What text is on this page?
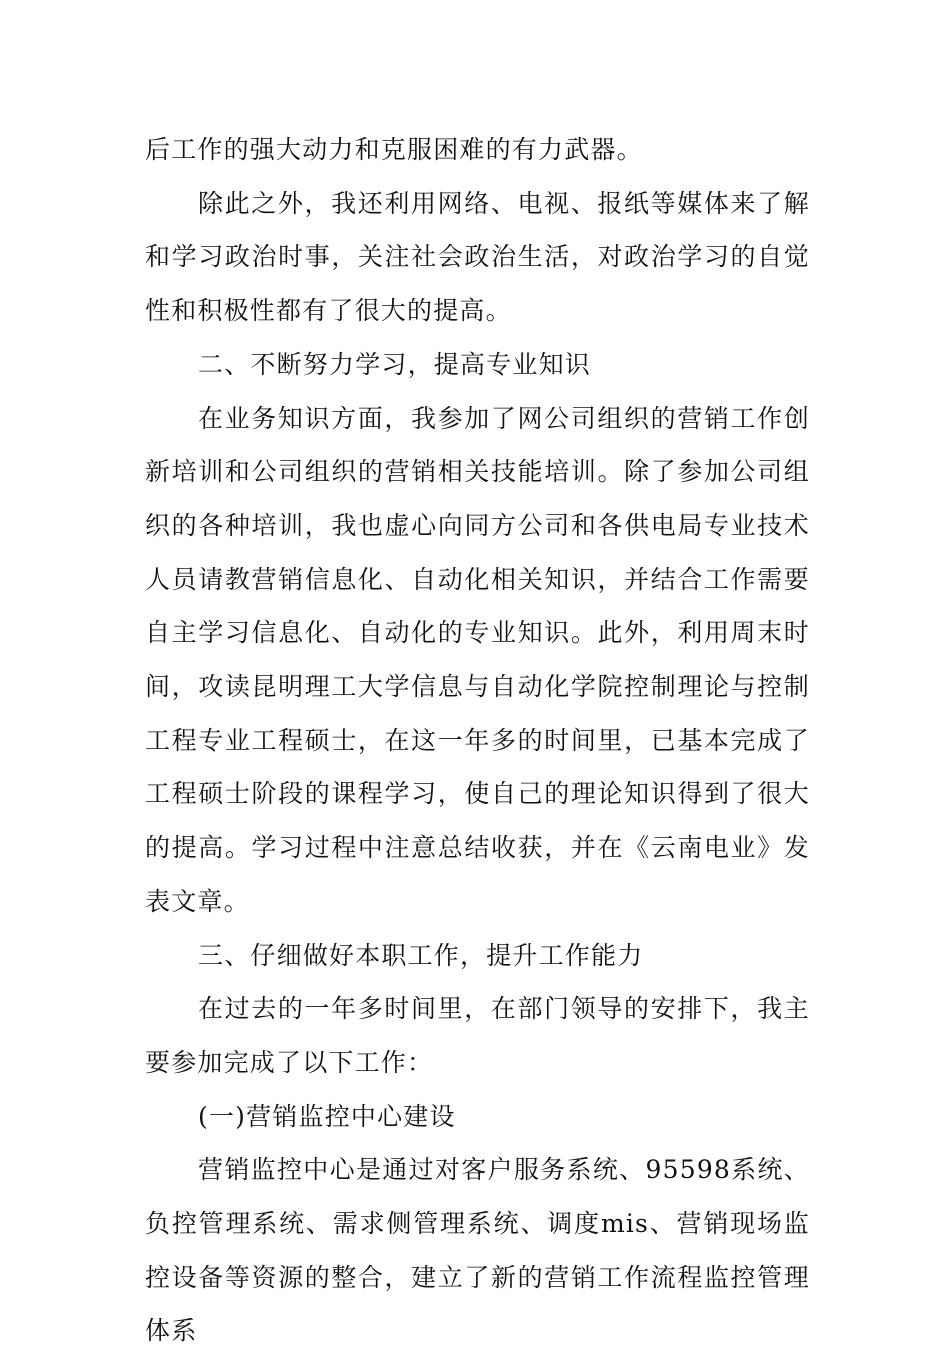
后工作的强大动力和克服困难的有力武器。

除此之外，我还利用网络、电视、报纸等媒体来了解和学习政治时事，关注社会政治生活，对政治学习的自觉性和积极性都有了很大的提高。

二、不断努力学习，提高专业知识

在业务知识方面，我参加了网公司组织的营销工作创新培训和公司组织的营销相关技能培训。除了参加公司组织的各种培训，我也虚心向同方公司和各供电局专业技术人员请教营销信息化、自动化相关知识，并结合工作需要自主学习信息化、自动化的专业知识。此外，利用周末时间，攻读昆明理工大学信息与自动化学院控制理论与控制工程专业工程硕士，在这一年多的时间里，已基本完成了工程硕士阶段的课程学习，使自己的理论知识得到了很大的提高。学习过程中注意总结收获，并在《云南电业》发表文章。

三、仔细做好本职工作，提升工作能力

在过去的一年多时间里，在部门领导的安排下，我主要参加完成了以下工作：

(一)营销监控中心建设

营销监控中心是通过对客户服务系统、95598系统、负控管理系统、需求侧管理系统、调度mis、营销现场监控设备等资源的整合，建立了新的营销工作流程监控管理体系
